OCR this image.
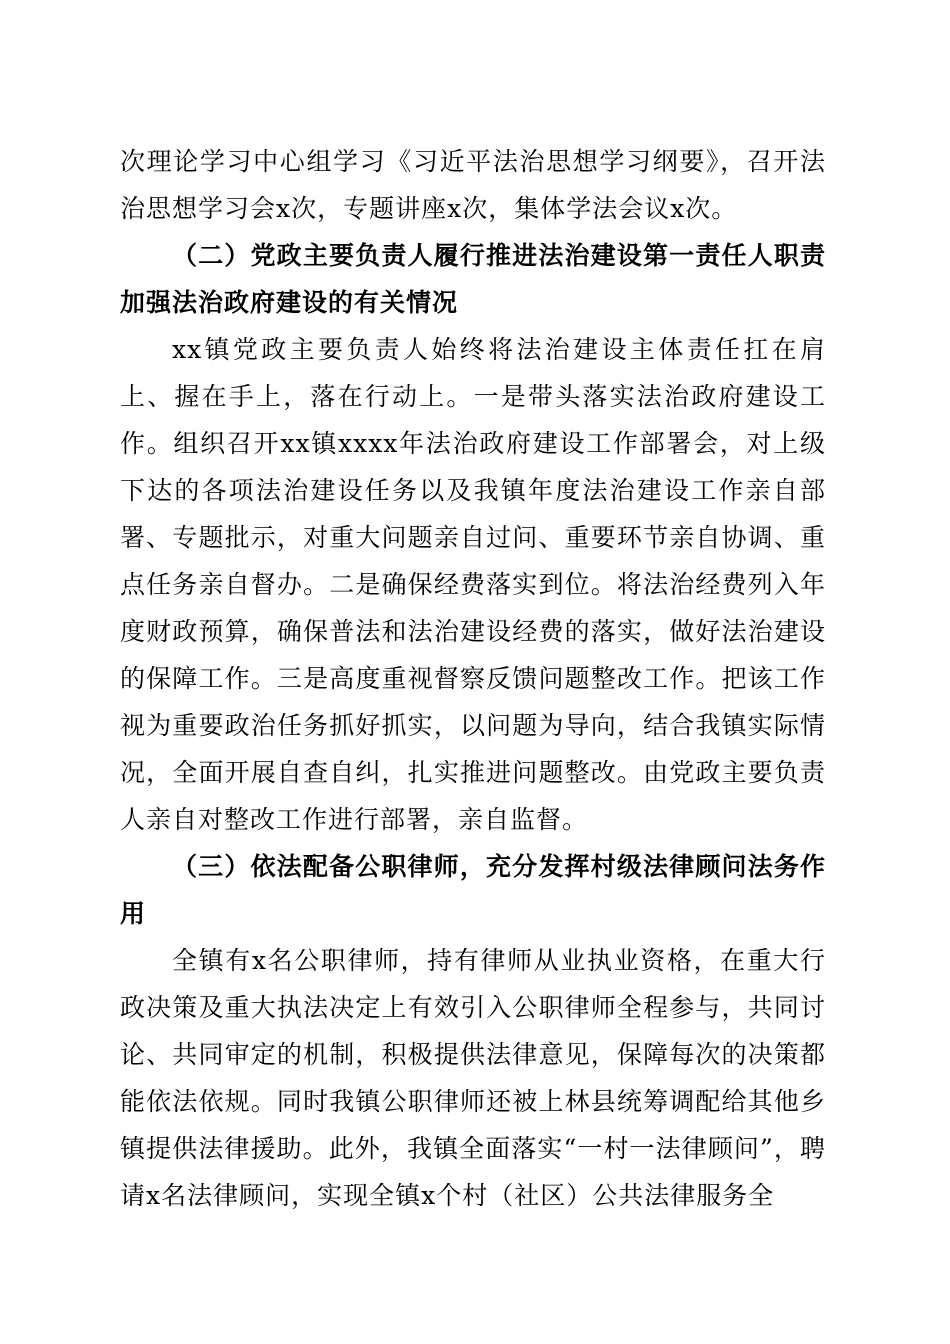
次理论学习中心组学习《习近平法治思想学习纲要》，召开法治思想学习会x次，专题讲座x次，集体学法会议x次。

（二）党政主要负责人履行推进法治建设第一责任人职责加强法治政府建设的有关情况

xx镇党政主要负责人始终将法治建设主体责任扛在肩上、握在手上，落在行动上。一是带头落实法治政府建设工作。组织召开xx镇xxxx年法治政府建设工作部署会，对上级下达的各项法治建设任务以及我镇年度法治建设工作亲自部署、专题批示，对重大问题亲自过问、重要环节亲自协调、重点任务亲自督办。二是确保经费落实到位。将法治经费列入年度财政预算，确保普法和法治建设经费的落实，做好法治建设的保障工作。三是高度重视督察反馈问题整改工作。把该工作视为重要政治任务抓好抓实，以问题为导向，结合我镇实际情况，全面开展自查自纠，扎实推进问题整改。由党政主要负责人亲自对整改工作进行部署，亲自监督。

（三）依法配备公职律师，充分发挥村级法律顾问法务作用

全镇有x名公职律师，持有律师从业执业资格，在重大行政决策及重大执法决定上有效引入公职律师全程参与，共同讨论、共同审定的机制，积极提供法律意见，保障每次的决策都能依法依规。同时我镇公职律师还被上林县统筹调配给其他乡镇提供法律援助。此外，我镇全面落实“一村一法律顾问”，聘请x名法律顾问，实现全镇x个村（社区）公共法律服务全
